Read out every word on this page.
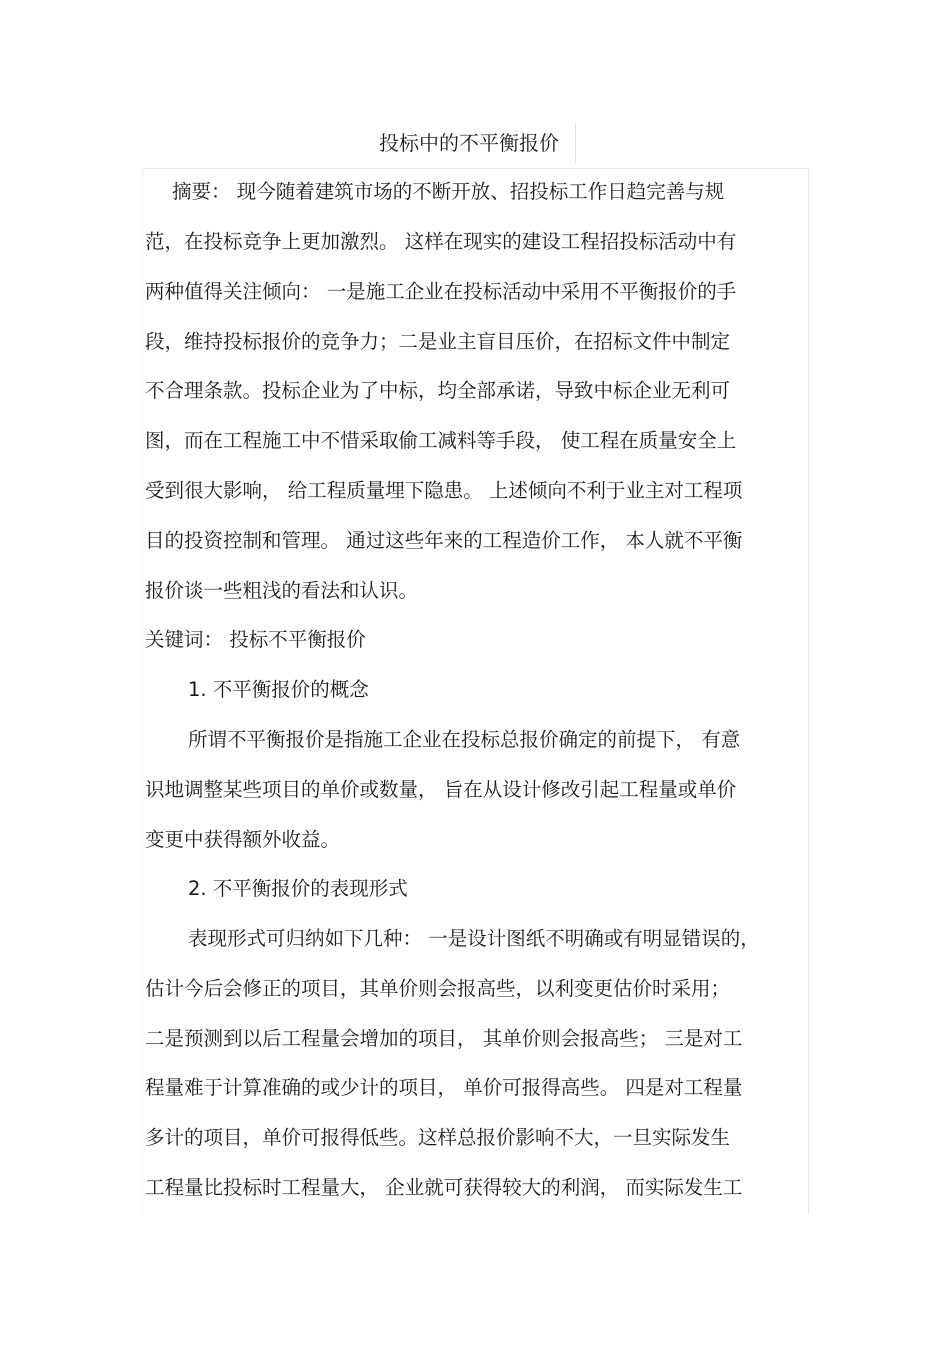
投标中的不平衡报价
摘要： 现今随着建筑市场的不断开放、招投标工作日趋完善与规
范，在投标竞争上更加激烈。 这样在现实的建设工程招投标活动中有
两种值得关注倾向： 一是施工企业在投标活动中采用不平衡报价的手
段，维持投标报价的竞争力；二是业主盲目压价，在招标文件中制定
不合理条款。投标企业为了中标，均全部承诺，导致中标企业无利可
图，而在工程施工中不惜采取偷工减料等手段， 使工程在质量安全上
受到很大影响， 给工程质量埋下隐患。 上述倾向不利于业主对工程项
目的投资控制和管理。 通过这些年来的工程造价工作， 本人就不平衡
报价谈一些粗浅的看法和认识。
关键词： 投标不平衡报价
1. 不平衡报价的概念
所谓不平衡报价是指施工企业在投标总报价确定的前提下， 有意
识地调整某些项目的单价或数量， 旨在从设计修改引起工程量或单价
变更中获得额外收益。
2. 不平衡报价的表现形式
表现形式可归纳如下几种： 一是设计图纸不明确或有明显错误的，
估计今后会修正的项目，其单价则会报高些，以利变更估价时采用；
二是预测到以后工程量会增加的项目， 其单价则会报高些； 三是对工
程量难于计算准确的或少计的项目， 单价可报得高些。 四是对工程量
多计的项目，单价可报得低些。这样总报价影响不大，一旦实际发生
工程量比投标时工程量大， 企业就可获得较大的利润， 而实际发生工
